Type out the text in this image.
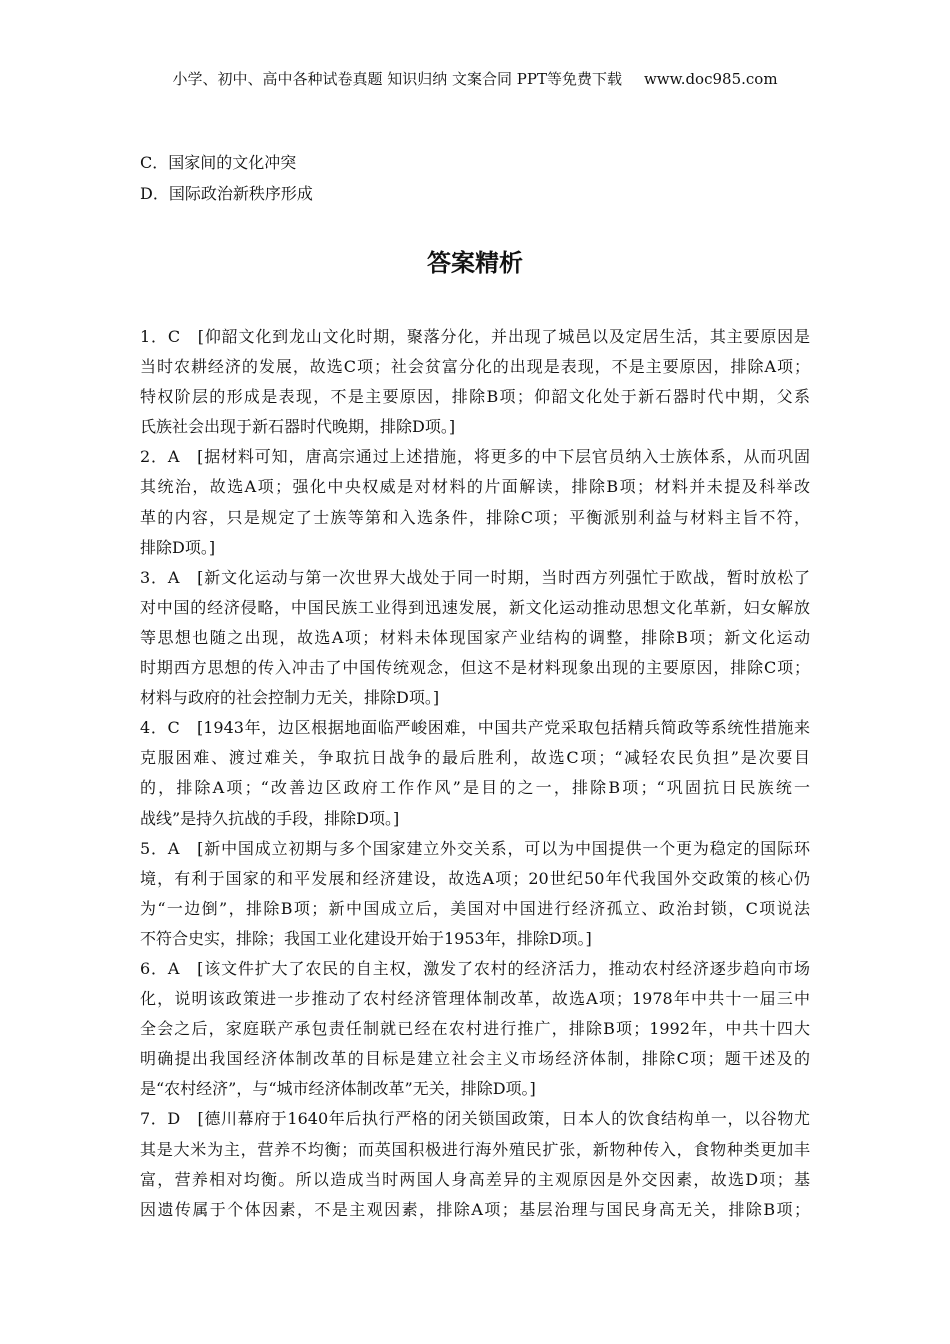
小学、初中、高中各种试卷真题 知识归纳 文案合同 PPT等免费下载 www.doc985.com
C．国家间的文化冲突
D．国际政治新秩序形成
答案精析
1．C　[仰韶文化到龙山文化时期，聚落分化，并出现了城邑以及定居生活，其主要原因是
当时农耕经济的发展，故选C项；社会贫富分化的出现是表现，不是主要原因，排除A项；
特权阶层的形成是表现，不是主要原因，排除B项；仰韶文化处于新石器时代中期，父系
氏族社会出现于新石器时代晚期，排除D项。]
2．A　[据材料可知，唐高宗通过上述措施，将更多的中下层官员纳入士族体系，从而巩固
其统治，故选A项；强化中央权威是对材料的片面解读，排除B项；材料并未提及科举改
革的内容，只是规定了士族等第和入选条件，排除C项；平衡派别利益与材料主旨不符，
排除D项。]
3．A　[新文化运动与第一次世界大战处于同一时期，当时西方列强忙于欧战，暂时放松了
对中国的经济侵略，中国民族工业得到迅速发展，新文化运动推动思想文化革新，妇女解放
等思想也随之出现，故选A项；材料未体现国家产业结构的调整，排除B项；新文化运动
时期西方思想的传入冲击了中国传统观念，但这不是材料现象出现的主要原因，排除C项；
材料与政府的社会控制力无关，排除D项。]
4．C　[1943年，边区根据地面临严峻困难，中国共产党采取包括精兵简政等系统性措施来
克服困难、渡过难关，争取抗日战争的最后胜利，故选C项；“减轻农民负担”是次要目
的，排除A项；“改善边区政府工作作风”是目的之一，排除B项；“巩固抗日民族统一
战线”是持久抗战的手段，排除D项。]
5．A　[新中国成立初期与多个国家建立外交关系，可以为中国提供一个更为稳定的国际环
境，有利于国家的和平发展和经济建设，故选A项；20世纪50年代我国外交政策的核心仍
为“一边倒”，排除B项；新中国成立后，美国对中国进行经济孤立、政治封锁，C项说法
不符合史实，排除；我国工业化建设开始于1953年，排除D项。]
6．A　[该文件扩大了农民的自主权，激发了农村的经济活力，推动农村经济逐步趋向市场
化，说明该政策进一步推动了农村经济管理体制改革，故选A项；1978年中共十一届三中
全会之后，家庭联产承包责任制就已经在农村进行推广，排除B项；1992年，中共十四大
明确提出我国经济体制改革的目标是建立社会主义市场经济体制，排除C项；题干述及的
是“农村经济”，与“城市经济体制改革”无关，排除D项。]
7．D　[德川幕府于1640年后执行严格的闭关锁国政策，日本人的饮食结构单一，以谷物尤
其是大米为主，营养不均衡；而英国积极进行海外殖民扩张，新物种传入，食物种类更加丰
富，营养相对均衡。所以造成当时两国人身高差异的主观原因是外交因素，故选D项；基
因遗传属于个体因素，不是主观因素，排除A项；基层治理与国民身高无关，排除B项；
